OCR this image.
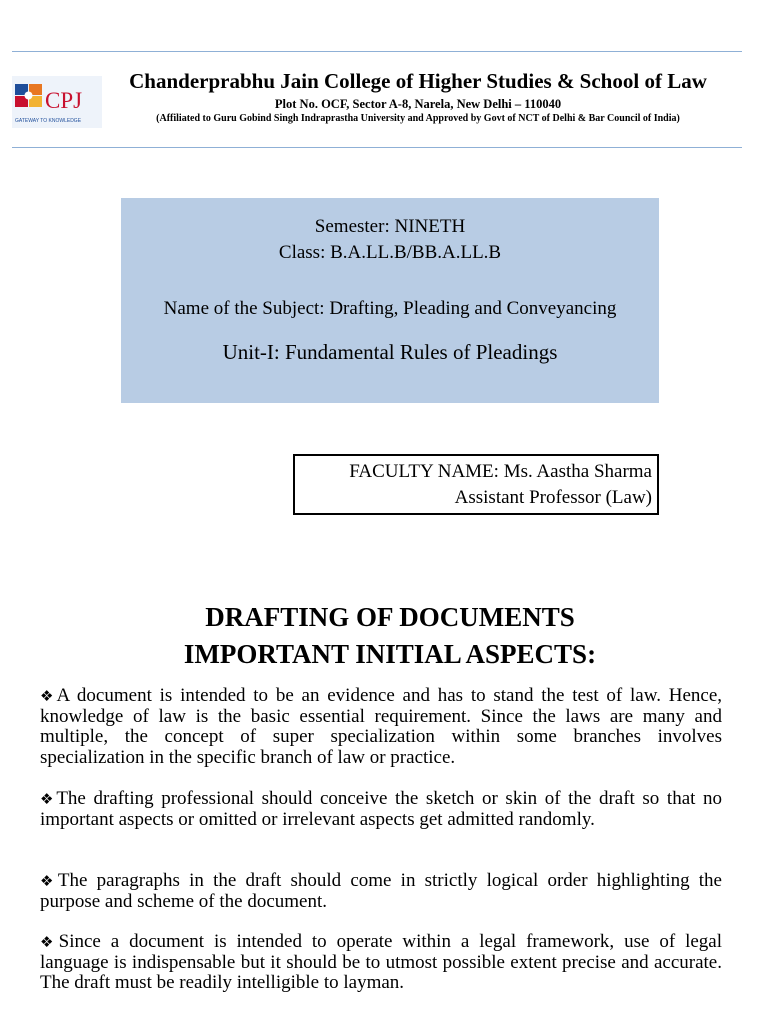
CPJ
GATEWAY TO KNOWLEDGE
Chanderprabhu Jain College of Higher Studies & School of Law
Plot No. OCF, Sector A-8, Narela, New Delhi – 110040
(Affiliated to Guru Gobind Singh Indraprastha University and Approved by Govt of NCT of Delhi & Bar Council of India)
Semester: NINETH
Class: B.A.LL.B/BB.A.LL.B
Name of the Subject: Drafting, Pleading and Conveyancing
Unit-I: Fundamental Rules of Pleadings
FACULTY NAME: Ms. Aastha Sharma
Assistant Professor (Law)
DRAFTING OF DOCUMENTS
IMPORTANT INITIAL ASPECTS:

❖A document is intended to be an evidence and has to stand the test of law. Hence, knowledge of law is the basic essential requirement. Since the laws are many and multiple, the concept of super specialization within some branches involves specialization in the specific branch of law or practice.

❖The drafting professional should conceive the sketch or skin of the draft so that no important aspects or omitted or irrelevant aspects get admitted randomly.

❖The paragraphs in the draft should come in strictly logical order highlighting the purpose and scheme of the document.

❖Since a document is intended to operate within a legal framework, use of legal language is indispensable but it should be to utmost possible extent precise and accurate. The draft must be readily intelligible to layman.
